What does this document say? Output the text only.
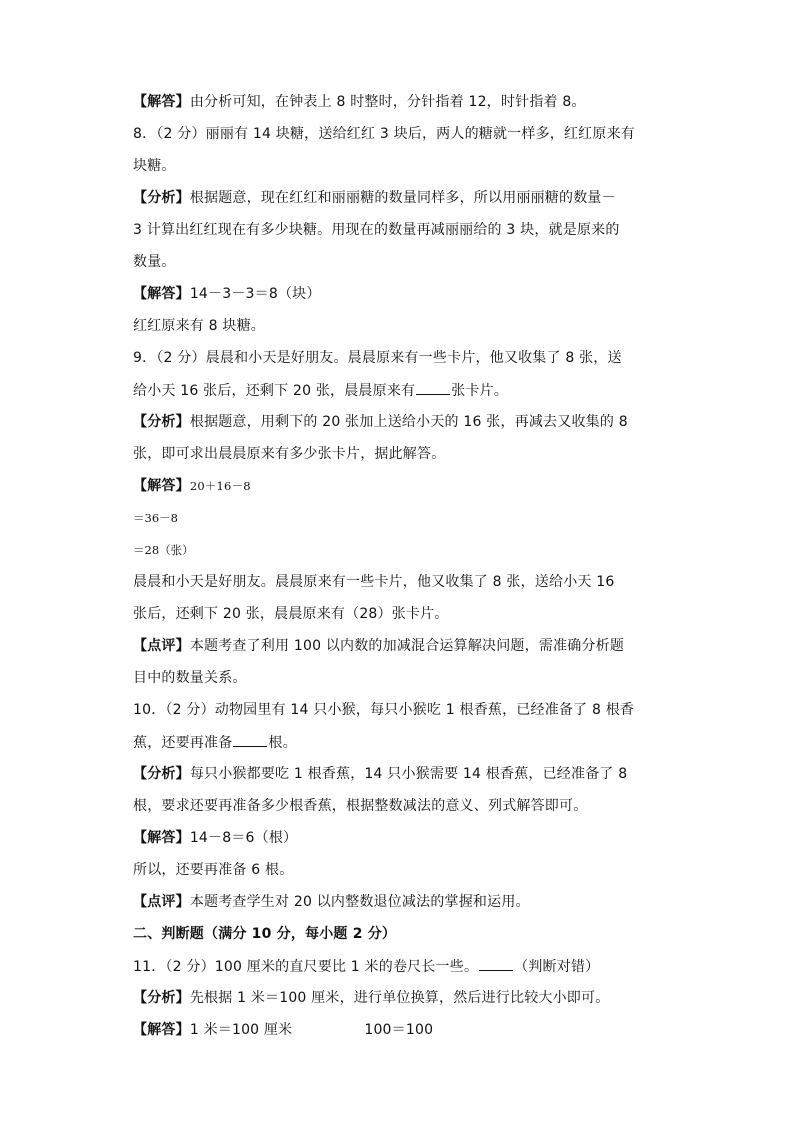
【解答】由分析可知，在钟表上 8 时整时，分针指着 12，时针指着 8。
8．（2 分）丽丽有 14 块糖，送给红红 3 块后，两人的糖就一样多，红红原来有
块糖。
【分析】根据题意，现在红红和丽丽糖的数量同样多，所以用丽丽糖的数量－
3 计算出红红现在有多少块糖。用现在的数量再减丽丽给的 3 块，就是原来的
数量。
【解答】14－3－3＝8（块）
红红原来有 8 块糖。
9．（2 分）晨晨和小天是好朋友。晨晨原来有一些卡片，他又收集了 8 张，送
给小天 16 张后，还剩下 20 张，晨晨原来有	张卡片。
【分析】根据题意，用剩下的 20 张加上送给小天的 16 张，再减去又收集的 8
张，即可求出晨晨原来有多少张卡片，据此解答。
【解答】20＋16－8
＝36－8
＝28（张）
晨晨和小天是好朋友。晨晨原来有一些卡片，他又收集了 8 张，送给小天 16
张后，还剩下 20 张，晨晨原来有（28）张卡片。
【点评】本题考查了利用 100 以内数的加减混合运算解决问题，需准确分析题
目中的数量关系。
10．（2 分）动物园里有 14 只小猴，每只小猴吃 1 根香蕉，已经准备了 8 根香
蕉，还要再准备	根。
【分析】每只小猴都要吃 1 根香蕉，14 只小猴需要 14 根香蕉，已经准备了 8
根，要求还要再准备多少根香蕉，根据整数减法的意义、列式解答即可。
【解答】14－8＝6（根）
所以，还要再准备 6 根。
【点评】本题考查学生对 20 以内整数退位减法的掌握和运用。
二、判断题（满分 10 分，每小题 2 分）
11．（2 分）100 厘米的直尺要比 1 米的卷尺长一些。	（判断对错）
【分析】先根据 1 米＝100 厘米，进行单位换算，然后进行比较大小即可。
【解答】1 米＝100 厘米	100＝100
